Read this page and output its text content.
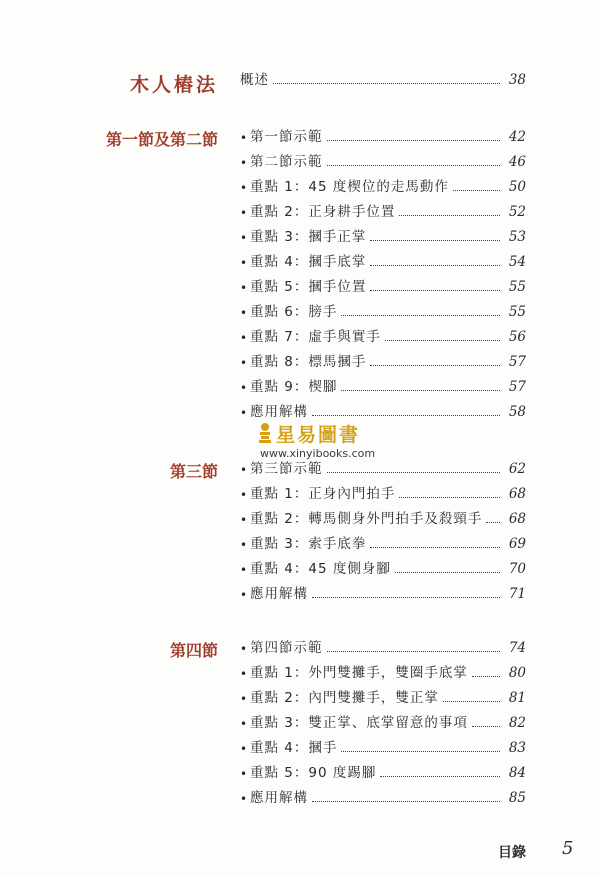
木人樁法 概述	38
第一節及第二節 • 第一節示範	42
• 第二節示範	46
• 重點 1：45 度楔位的走馬動作	50
• 重點 2：正身耕手位置	52
• 重點 3：摑手正掌	53
• 重點 4：摑手底掌	54
• 重點 5：摑手位置	55
• 重點 6：膀手	55
• 重點 7：虛手與實手	56
• 重點 8：標馬摑手	57
• 重點 9：楔腳	57
• 應用解構	58
星易圖書
www.xinyibooks.com
第三節 • 第三節示範	62
• 重點 1：正身內門拍手	68
• 重點 2：轉馬側身外門拍手及殺頸手	68
• 重點 3：索手底拳	69
• 重點 4：45 度側身腳	70
• 應用解構	71
第四節 • 第四節示範	74
• 重點 1：外門雙攤手，雙圈手底掌	80
• 重點 2：內門雙攤手，雙正掌	81
• 重點 3：雙正掌、底掌留意的事項	82
• 重點 4：摑手	83
• 重點 5：90 度踢腳	84
• 應用解構	85
目錄 5
